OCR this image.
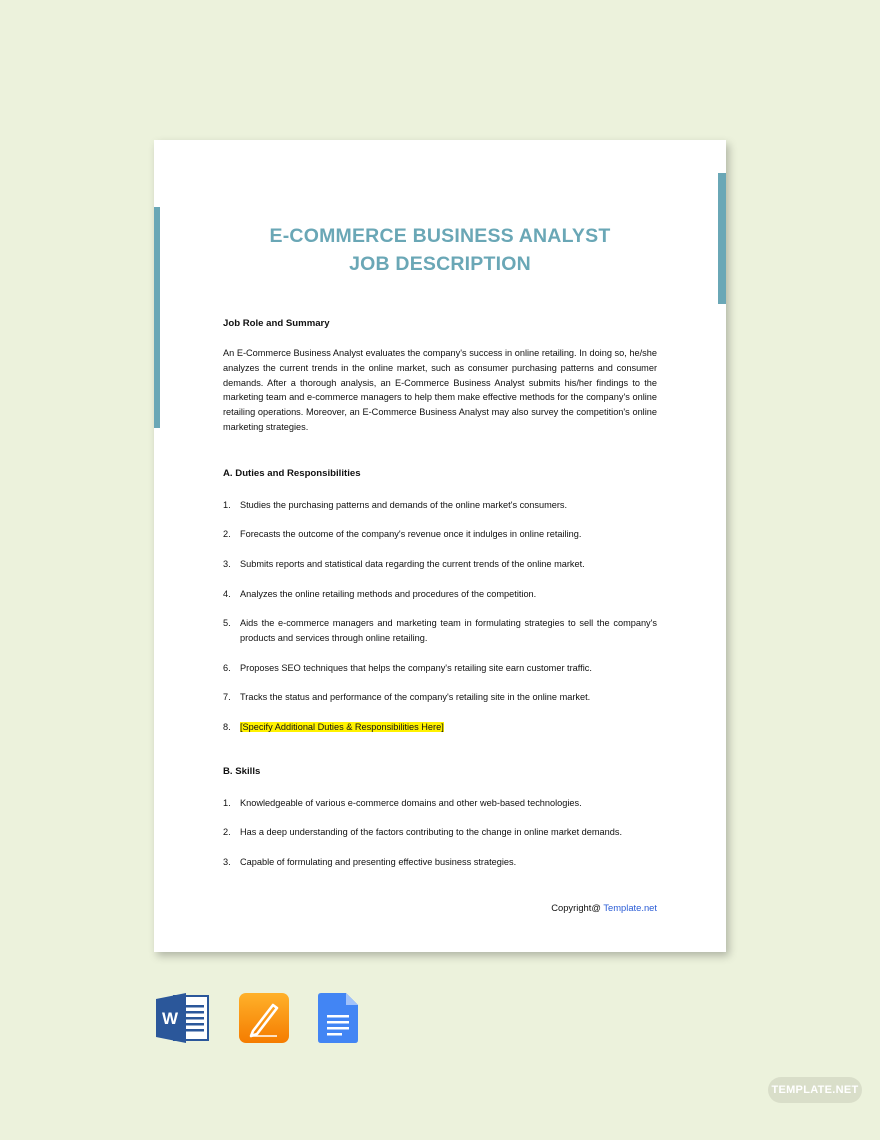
E-COMMERCE BUSINESS ANALYST
JOB DESCRIPTION
Job Role and Summary
An E-Commerce Business Analyst evaluates the company's success in online retailing. In doing so, he/she analyzes the current trends in the online market, such as consumer purchasing patterns and consumer demands. After a thorough analysis, an E-Commerce Business Analyst submits his/her findings to the marketing team and e-commerce managers to help them make effective methods for the company's online retailing operations. Moreover, an E-Commerce Business Analyst may also survey the competition's online marketing strategies.
A. Duties and Responsibilities
1. Studies the purchasing patterns and demands of the online market's consumers.
2. Forecasts the outcome of the company's revenue once it indulges in online retailing.
3. Submits reports and statistical data regarding the current trends of the online market.
4. Analyzes the online retailing methods and procedures of the competition.
5. Aids the e-commerce managers and marketing team in formulating strategies to sell the company's products and services through online retailing.
6. Proposes SEO techniques that helps the company's retailing site earn customer traffic.
7. Tracks the status and performance of the company's retailing site in the online market.
8. [Specify Additional Duties & Responsibilities Here]
B. Skills
1. Knowledgeable of various e-commerce domains and other web-based technologies.
2. Has a deep understanding of the factors contributing to the change in online market demands.
3. Capable of formulating and presenting effective business strategies.
Copyright@ Template.net
W
TEMPLATE.NET
